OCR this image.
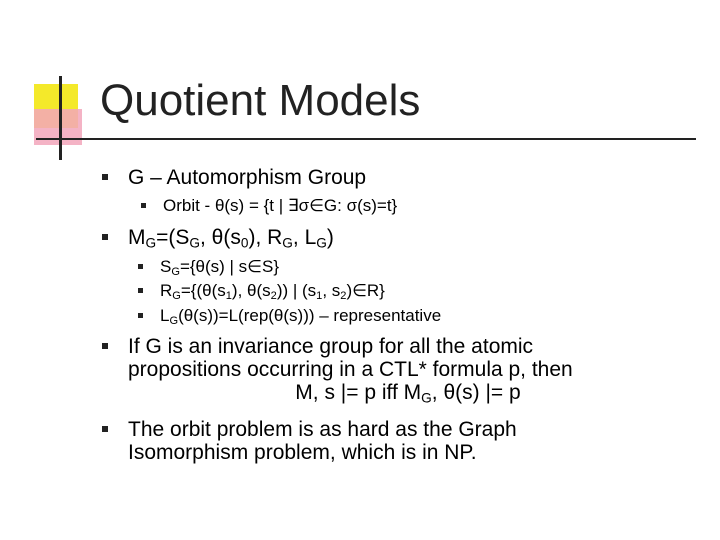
Quotient Models
G – Automorphism Group
Orbit - θ(s) = {t | ∃σ∈G: σ(s)=t}
$M_G=(S_G$, $\theta(s_0)$, $R_G$, $L_G$)
$S_G=\{\theta(s)$ | s∈S}
$R_G=\{(\theta(s_1)$, $\theta(s_2)$) | ($s_1$, $s_2)\in R$}
$L_G(\theta(s))=L(rep(\theta(s)))$ – representative
If G is an invariance group for all the atomic
propositions occurring in a CTL* formula p, then
M, s |= p iff $M_G$, θ(s) |= p
The orbit problem is as hard as the Graph
Isomorphism problem, which is in NP.
